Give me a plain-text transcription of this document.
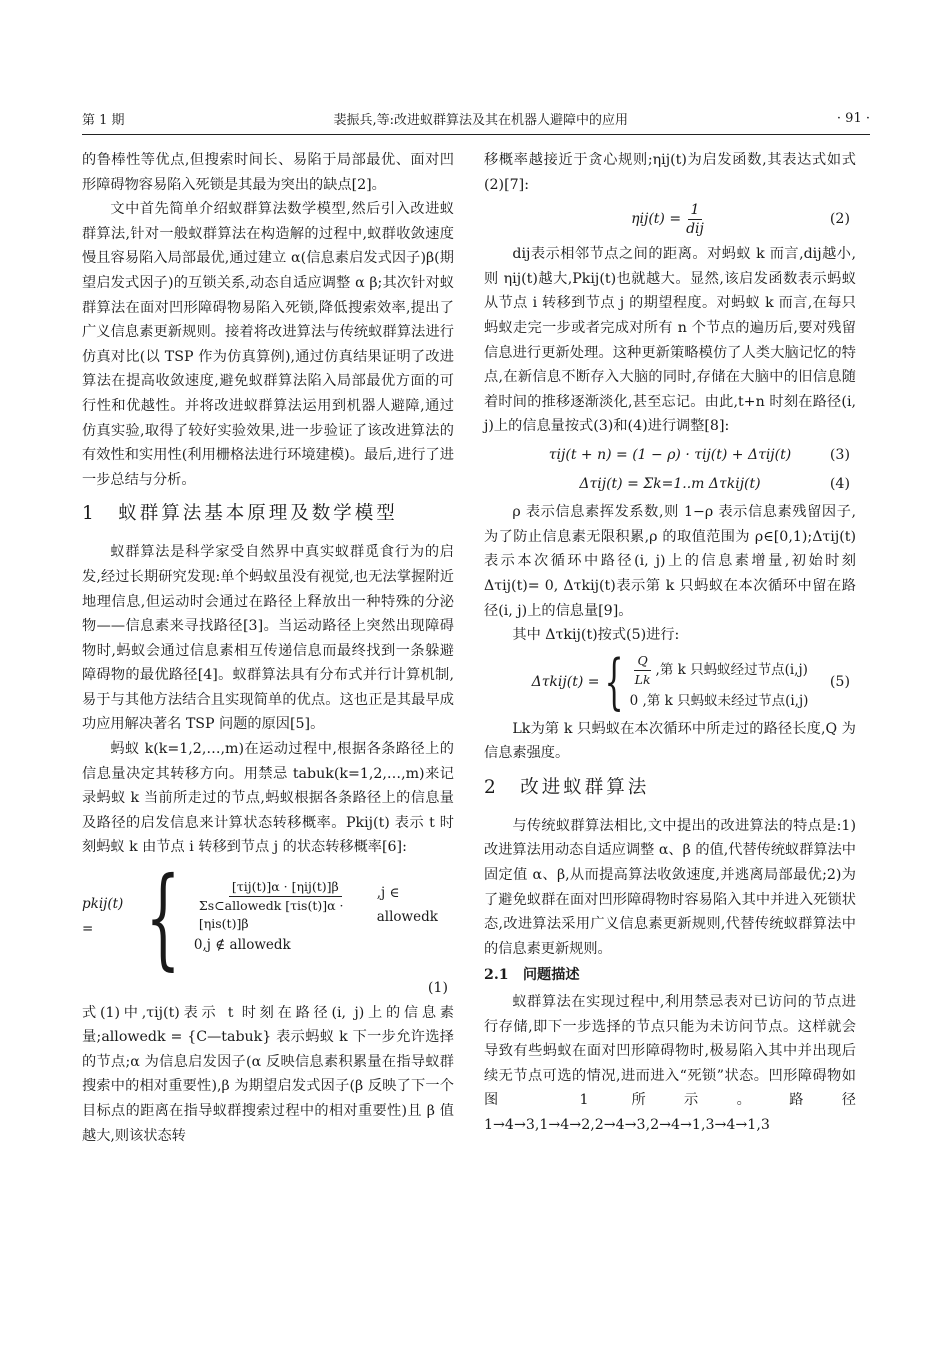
第 1 期	裴振兵,等:改进蚁群算法及其在机器人避障中的应用	· 91 ·

的鲁棒性等优点,但搜索时间长、易陷于局部最优、面对凹形障碍物容易陷入死锁是其最为突出的缺点[2]。

文中首先简单介绍蚁群算法数学模型,然后引入改进蚁群算法,针对一般蚁群算法在构造解的过程中,蚁群收敛速度慢且容易陷入局部最优,通过建立 α(信息素启发式因子)β(期望启发式因子)的互锁关系,动态自适应调整 α β;其次针对蚁群算法在面对凹形障碍物易陷入死锁,降低搜索效率,提出了广义信息素更新规则。接着将改进算法与传统蚁群算法进行仿真对比(以 TSP 作为仿真算例),通过仿真结果证明了改进算法在提高收敛速度,避免蚁群算法陷入局部最优方面的可行性和优越性。并将改进蚁群算法运用到机器人避障,通过仿真实验,取得了较好实验效果,进一步验证了该改进算法的有效性和实用性(利用栅格法进行环境建模)。最后,进行了进一步总结与分析。

1　蚁群算法基本原理及数学模型

蚁群算法是科学家受自然界中真实蚁群觅食行为的启发,经过长期研究发现:单个蚂蚁虽没有视觉,也无法掌握附近地理信息,但运动时会通过在路径上释放出一种特殊的分泌物——信息素来寻找路径[3]。当运动路径上突然出现障碍物时,蚂蚁会通过信息素相互传递信息而最终找到一条躲避障碍物的最优路径[4]。蚁群算法具有分布式并行计算机制,易于与其他方法结合且实现简单的优点。这也正是其最早成功应用解决著名 TSP 问题的原因[5]。

蚂蚁 k(k=1,2,…,m)在运动过程中,根据各条路径上的信息量决定其转移方向。用禁忌 tabuk(k=1,2,…,m)来记录蚂蚁 k 当前所走过的节点,蚂蚁根据各条路径上的信息量及路径的启发信息来计算状态转移概率。Pkij(t) 表示 t 时刻蚂蚁 k 由节点 i 转移到节点 j 的状态转移概率[6]:

pkij(t) = { $\frac{\text{[τij(t)]α · [ηij(t)]β}}{\text{Σs⊂allowedk [τis(t)]α · [ηis(t)]β}} ,j$ ∈ allowedk
0,j ∉ allowedk
(1)

式(1)中,τij(t)表示 t 时刻在路径(i, j)上的信息素量;allowedk = {C—tabuk} 表示蚂蚁 k 下一步允许选择的节点;α 为信息启发因子(α 反映信息素积累量在指导蚁群搜索中的相对重要性),β 为期望启发式因子(β 反映了下一个目标点的距离在指导蚁群搜索过程中的相对重要性)且 β 值越大,则该状态转

移概率越接近于贪心规则;ηij(t)为启发函数,其表达式如式(2)[7]:

$\eta ij(t) = \frac{1}{\text{dij}}$	(2)

dij表示相邻节点之间的距离。对蚂蚁 k 而言,dij越小,则 ηij(t)越大,Pkij(t)也就越大。显然,该启发函数表示蚂蚁从节点 i 转移到节点 j 的期望程度。对蚂蚁 k 而言,在每只蚂蚁走完一步或者完成对所有 n 个节点的遍历后,要对残留信息进行更新处理。这种更新策略模仿了人类大脑记忆的特点,在新信息不断存入大脑的同时,存储在大脑中的旧信息随着时间的推移逐渐淡化,甚至忘记。由此,t+n 时刻在路径(i, j)上的信息量按式(3)和(4)进行调整[8]:

τij(t + n) = (1 − ρ) · τij(t) + Δτij(t)	(3)
Δτij(t) = Σk=1..m Δτkij(t)	(4)

ρ 表示信息素挥发系数,则 1−ρ 表示信息素残留因子,为了防止信息素无限积累,ρ 的取值范围为 ρ∈[0,1);Δτij(t)表示本次循环中路径(i, j)上的信息素增量,初始时刻 Δτij(t)= 0, Δτkij(t)表示第 k 只蚂蚁在本次循环中留在路径(i, j)上的信息量[9]。

其中 Δτkij(t)按式(5)进行:

Δτkij(t) = { $\frac{Q}{Lk}$ ,第 k 只蚂蚁经过节点(i,j)
0 ,第 k 只蚂蚁未经过节点(i,j)
(5)

Lk为第 k 只蚂蚁在本次循环中所走过的路径长度,Q 为信息素强度。

2　改进蚁群算法

与传统蚁群算法相比,文中提出的改进算法的特点是:1)改进算法用动态自适应调整 α、β 的值,代替传统蚁群算法中固定值 α、β,从而提高算法收敛速度,并逃离局部最优;2)为了避免蚁群在面对凹形障碍物时容易陷入其中并进入死锁状态,改进算法采用广义信息素更新规则,代替传统蚁群算法中的信息素更新规则。

2.1　问题描述

蚁群算法在实现过程中,利用禁忌表对已访问的节点进行存储,即下一步选择的节点只能为未访问节点。这样就会导致有些蚂蚁在面对凹形障碍物时,极易陷入其中并出现后续无节点可选的情况,进而进入“死锁”状态。凹形障碍物如图 1 所示。路径 1→4→3,1→4→2,2→4→3,2→4→1,3→4→1,3
